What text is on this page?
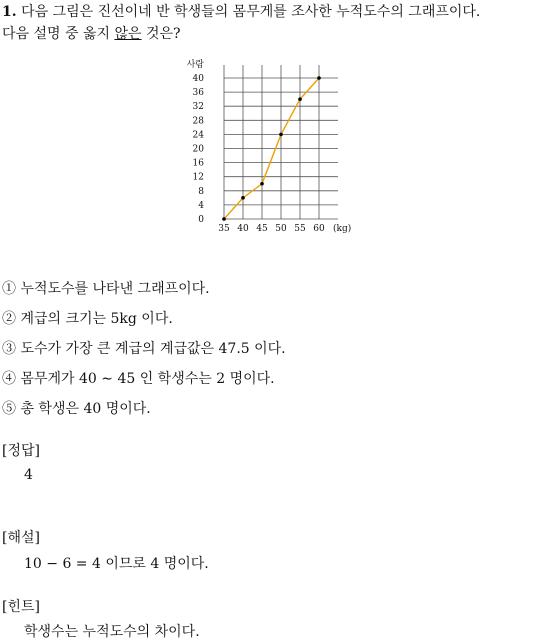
1. 다음 그림은 진선이네 반 학생들의 몸무게를 조사한 누적도수의 그래프이다.
다음 설명 중 옳지 않은 것은?
0
4
8
12
16
20
24
28
32
36
40
35 40 45 50 55 60
사람
(kg)
① 누적도수를 나타낸 그래프이다.
② 계급의 크기는 5kg 이다.
③ 도수가 가장 큰 계급의 계급값은 47.5 이다.
④ 몸무게가 40 ∼ 45 인 학생수는 2 명이다.
⑤ 총 학생은 40 명이다.
[정답]
4
[해설]
10 − 6 = 4 이므로 4 명이다.
[힌트]
학생수는 누적도수의 차이다.
